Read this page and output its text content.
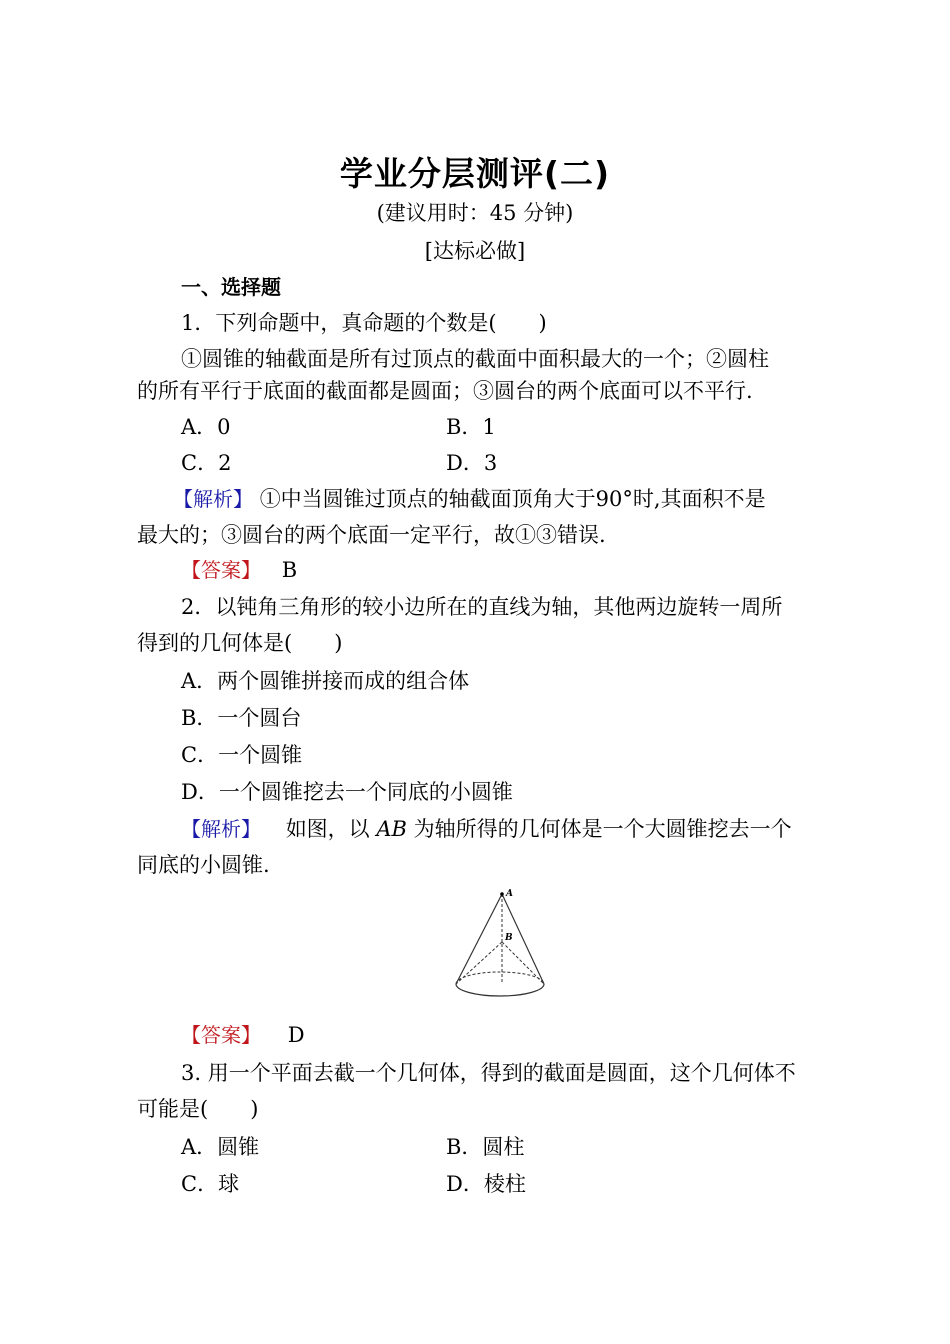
学业分层测评(二)
(建议用时：45 分钟)
[达标必做]
一、选择题
1．下列命题中，真命题的个数是(　　)
①圆锥的轴截面是所有过顶点的截面中面积最大的一个；②圆柱
的所有平行于底面的截面都是圆面；③圆台的两个底面可以不平行.
A．0	B．1
C．2	D．3
【解析】 ①中当圆锥过顶点的轴截面顶角大于90°时,其面积不是
最大的；③圆台的两个底面一定平行，故①③错误.
【答案】 B
2．以钝角三角形的较小边所在的直线为轴，其他两边旋转一周所
得到的几何体是(　　)
A．两个圆锥拼接而成的组合体
B．一个圆台
C．一个圆锥
D．一个圆锥挖去一个同底的小圆锥
【解析】 如图，以 AB 为轴所得的几何体是一个大圆锥挖去一个
同底的小圆锥.
A
B
【答案】 D
3. 用一个平面去截一个几何体，得到的截面是圆面，这个几何体不
可能是(　　)
A．圆锥	B．圆柱
C．球	D．棱柱
